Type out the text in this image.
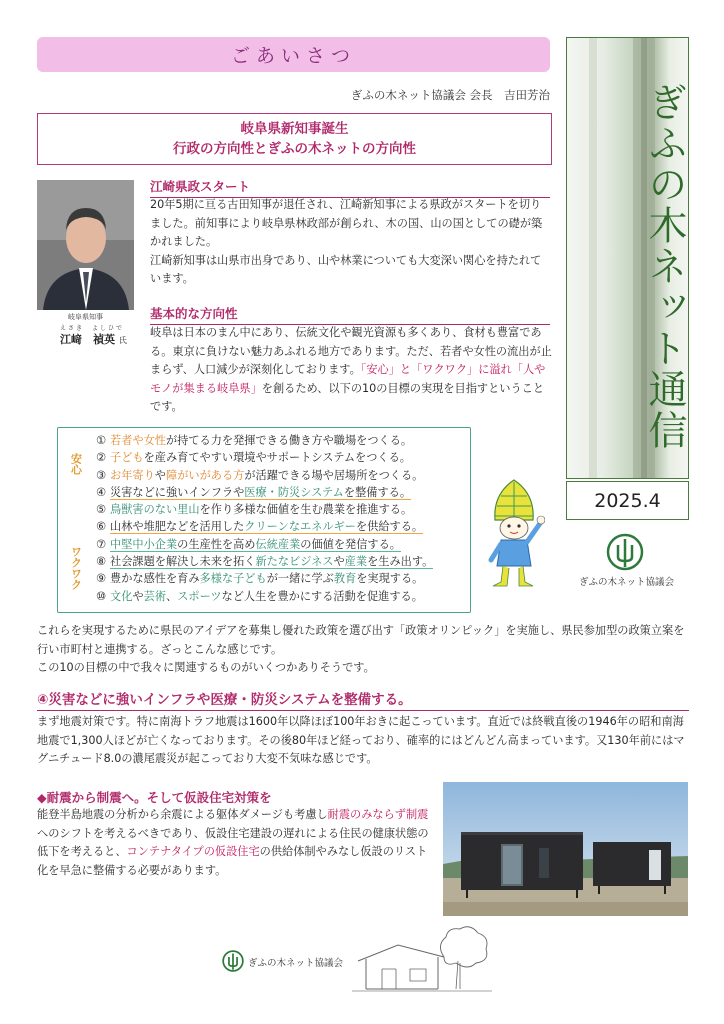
ごあいさつ
ぎふの木ネット協議会 会長　吉田芳治
岐阜県新知事誕生
行政の方向性とぎふの木ネットの方向性
岐阜県知事
えさき　よしひで
江﨑　禎英 氏
江崎県政スタート
20年5期に亘る古田知事が退任され、江崎新知事による県政がスタートを切りました。前知事により岐阜県林政部が創られ、木の国、山の国としての礎が築かれました。
江崎新知事は山県市出身であり、山や林業についても大変深い関心を持たれています。
基本的な方向性
岐阜は日本のまん中にあり、伝統文化や観光資源も多くあり、食材も豊富である。東京に負けない魅力あふれる地方であります。ただ、若者や女性の流出が止まらず、人口減少が深刻化しております。「安心」と「ワクワク」に溢れ「人やモノが集まる岐阜県」を創るため、以下の10の目標の実現を目指すということです。
安心
ワクワク
① 若者や女性が持てる力を発揮できる働き方や職場をつくる。
② 子どもを産み育てやすい環境やサポートシステムをつくる。
③ お年寄りや障がいがある方が活躍できる場や居場所をつくる。
④ 災害などに強いインフラや医療・防災システムを整備する。
⑤ 鳥獣害のない里山を作り多様な価値を生む農業を推進する。
⑥ 山林や堆肥などを活用したクリーンなエネルギーを供給する。
⑦ 中堅中小企業の生産性を高め伝統産業の価値を発信する。
⑧ 社会課題を解決し未来を拓く新たなビジネスや産業を生み出す。
⑨ 豊かな感性を育み多様な子どもが一緒に学ぶ教育を実現する。
⑩ 文化や芸術、スポーツなど人生を豊かにする活動を促進する。
ぎふの木ネット通信
2025.4
ぎふの木ネット協議会
これらを実現するために県民のアイデアを募集し優れた政策を選び出す「政策オリンピック」を実施し、県民参加型の政策立案を行い市町村と連携する。ざっとこんな感じです。
この10の目標の中で我々に関連するものがいくつかありそうです。
④災害などに強いインフラや医療・防災システムを整備する。
まず地震対策です。特に南海トラフ地震は1600年以降ほぼ100年おきに起こっています。直近では終戦直後の1946年の昭和南海地震で1,300人ほどが亡くなっております。その後80年ほど経っており、確率的にはどんどん高まっています。又130年前にはマグニチュード8.0の濃尾震災が起こっており大変不気味な感じです。
◆耐震から制震へ。そして仮設住宅対策を
能登半島地震の分析から余震による躯体ダメージも考慮し耐震のみならず制震へのシフトを考えるべきであり、仮設住宅建設の遅れによる住民の健康状態の低下を考えると、コンテナタイプの仮設住宅の供給体制やみなし仮設のリスト化を早急に整備する必要があります。
ぎふの木ネット協議会
